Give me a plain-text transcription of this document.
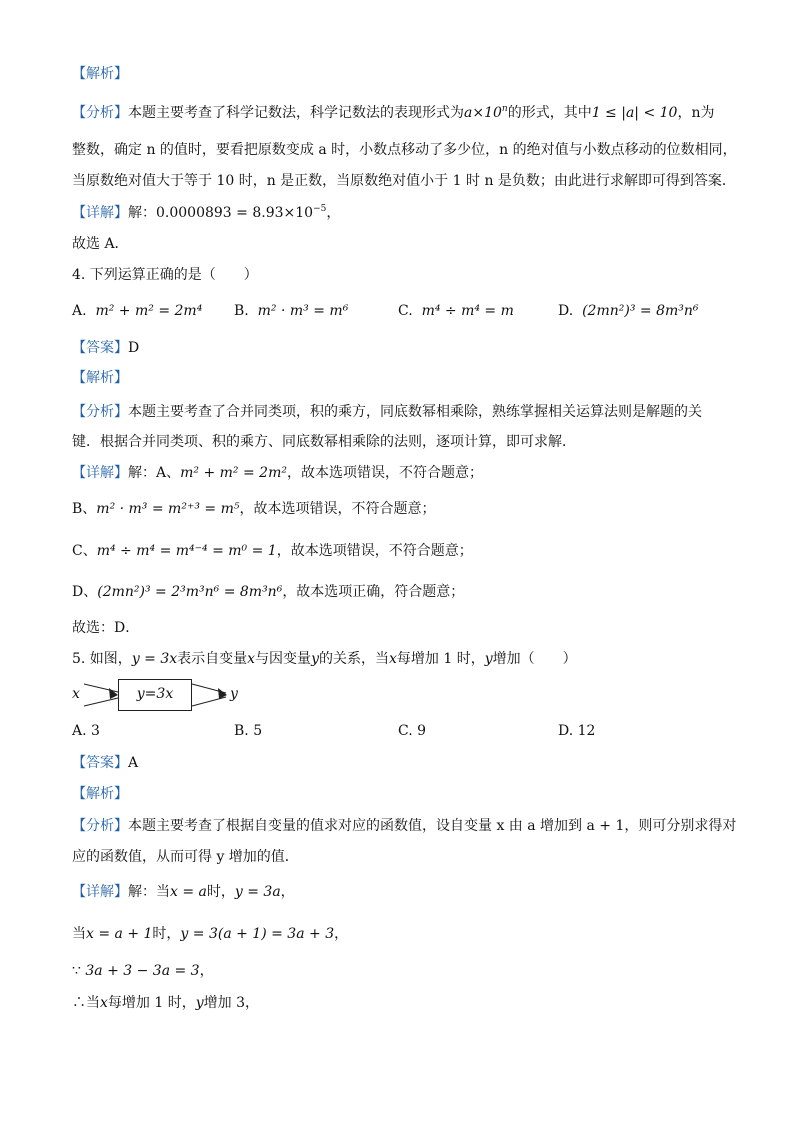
【解析】
【分析】本题主要考查了科学记数法，科学记数法的表现形式为$a\times 10^n$的形式，其中1 ≤ |a| < 10，n为
整数，确定 n 的值时，要看把原数变成 a 时，小数点移动了多少位，n 的绝对值与小数点移动的位数相同，
当原数绝对值大于等于 10 时，n 是正数，当原数绝对值小于 1 时 n 是负数；由此进行求解即可得到答案．
【详解】解：$0.0000893 = 8.93\times 10^{-5}$，
故选 A．
4. 下列运算正确的是（　　）
A. m² + m² = 2m⁴ B. m² · m³ = m⁶	C. m⁴ ÷ m⁴ = m	D. (2mn²)³ = 8m³n⁶
【答案】D
【解析】
【分析】本题主要考查了合并同类项，积的乘方，同底数幂相乘除，熟练掌握相关运算法则是解题的关
键．根据合并同类项、积的乘方、同底数幂相乘除的法则，逐项计算，即可求解．
【详解】解：A、m² + m² = 2m²，故本选项错误，不符合题意；
B、m² · m³ = m²⁺³ = m⁵，故本选项错误，不符合题意；
C、m⁴ ÷ m⁴ = m⁴⁻⁴ = m⁰ = 1，故本选项错误，不符合题意；
D、(2mn²)³ = 2³m³n⁶ = 8m³n⁶，故本选项正确，符合题意；
故选：D．
5. 如图，y = 3x表示自变量x与因变量y的关系，当x每增加 1 时，y增加（　　）
x	y=3x	y
A. 3	B. 5	C. 9	D. 12
【答案】A
【解析】
【分析】本题主要考查了根据自变量的值求对应的函数值，设自变量 x 由 a 增加到 a + 1，则可分别求得对
应的函数值，从而可得 y 增加的值．
【详解】解：当x = a时，y = 3a，
当x = a + 1时，y = 3(a + 1) = 3a + 3，
∵ 3a + 3 − 3a = 3，
∴当x每增加 1 时，y增加 3，
